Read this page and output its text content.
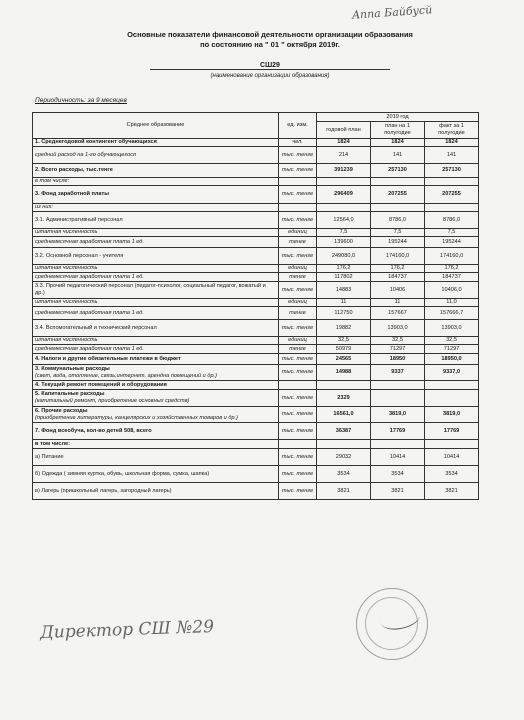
Anna Байбусй
Основные показатели финансовой деятельности организации образования
по состоянию на " 01 " октября 2019г.
СШ29
(наименование организации образования)
Периодичность: за 9 месяцев
Среднее образование	ед. изм.	2019 год		
		годовой план	план на 1 полугодие	факт за 1 полугодие
1. Среднегодовой контингент обучающихся	чел.	1824	1824	1824
средний расход на 1-го обучающегося	тыс. тенге	214	141	141
2. Всего расходы, тыс.тенге	тыс. тенге	391239	257130	257130
в том числе:				
3. Фонд заработной платы	тыс. тенге	296409	207255	207255
из них:				
3.1. Административный персонал	тыс. тенге	12564,0	8786,0	8786,0
штатная численность	единиц	7,5	7,5	7,5
среднемесячная заработная плата 1 ед.	тенге	139600	195244	195244
3.2. Основной персонал - учителя	тыс. тенге	249080,0	174160,0	174160,0
штатная численность	единиц	176,2	176,2	176,2
среднемесячная заработная плата 1 ед.	тенге	117802	184737	184737
3.3. Прочий педагогический персонал (педагог-психолог, социальный педагог, вожатый и др.)	тыс. тенге	14883	10406	10406,0
штатная численность	единиц	11	11	11,0
среднемесячная заработная плата 1 ед.	тенге	112750	157667	157666,7
3.4. Вспомогательный и технический персонал	тыс. тенге	19882	13903,0	13903,0
штатная численность	единиц	32,5	32,5	32,5
среднемесячная заработная плата 1 ед.	тенге	50979	71297	71297
4. Налоги и другие обязательные платежи в бюджет	тыс. тенге	24565	18950	18950,0
3. Коммунальные расходы
(свет, вода, отопление, связь,интернет, арендна помещений и др.)	тыс. тенге	14988	9337	9337,0
4. Текущий ремонт помещений и оборудования				
5. Капитальные расходы
(капитальный ремонт, приобретение основных средств)	тыс. тенге	2329		
6. Прочие расходы
(приобретение литературы, канцелярских и хозяйственных товаров и др.)	тыс. тенге	16561,0	3819,0	3819,0
7. Фонд всеобуча, кол-во детей 508, всего	тыс. тенге	36387	17769	17769
в том числе:				
а) Питание	тыс. тенге	29032	10414	10414
б) Одежда ( зимняя куртка, обувь, школьная форма, сумка, шапка)	тыс. тенге	3534	3534	3534
в) Лагерь (пришкольный лагерь, загородный лагерь)	тыс. тенге	3821	3821	3821
Директор СШ №29
